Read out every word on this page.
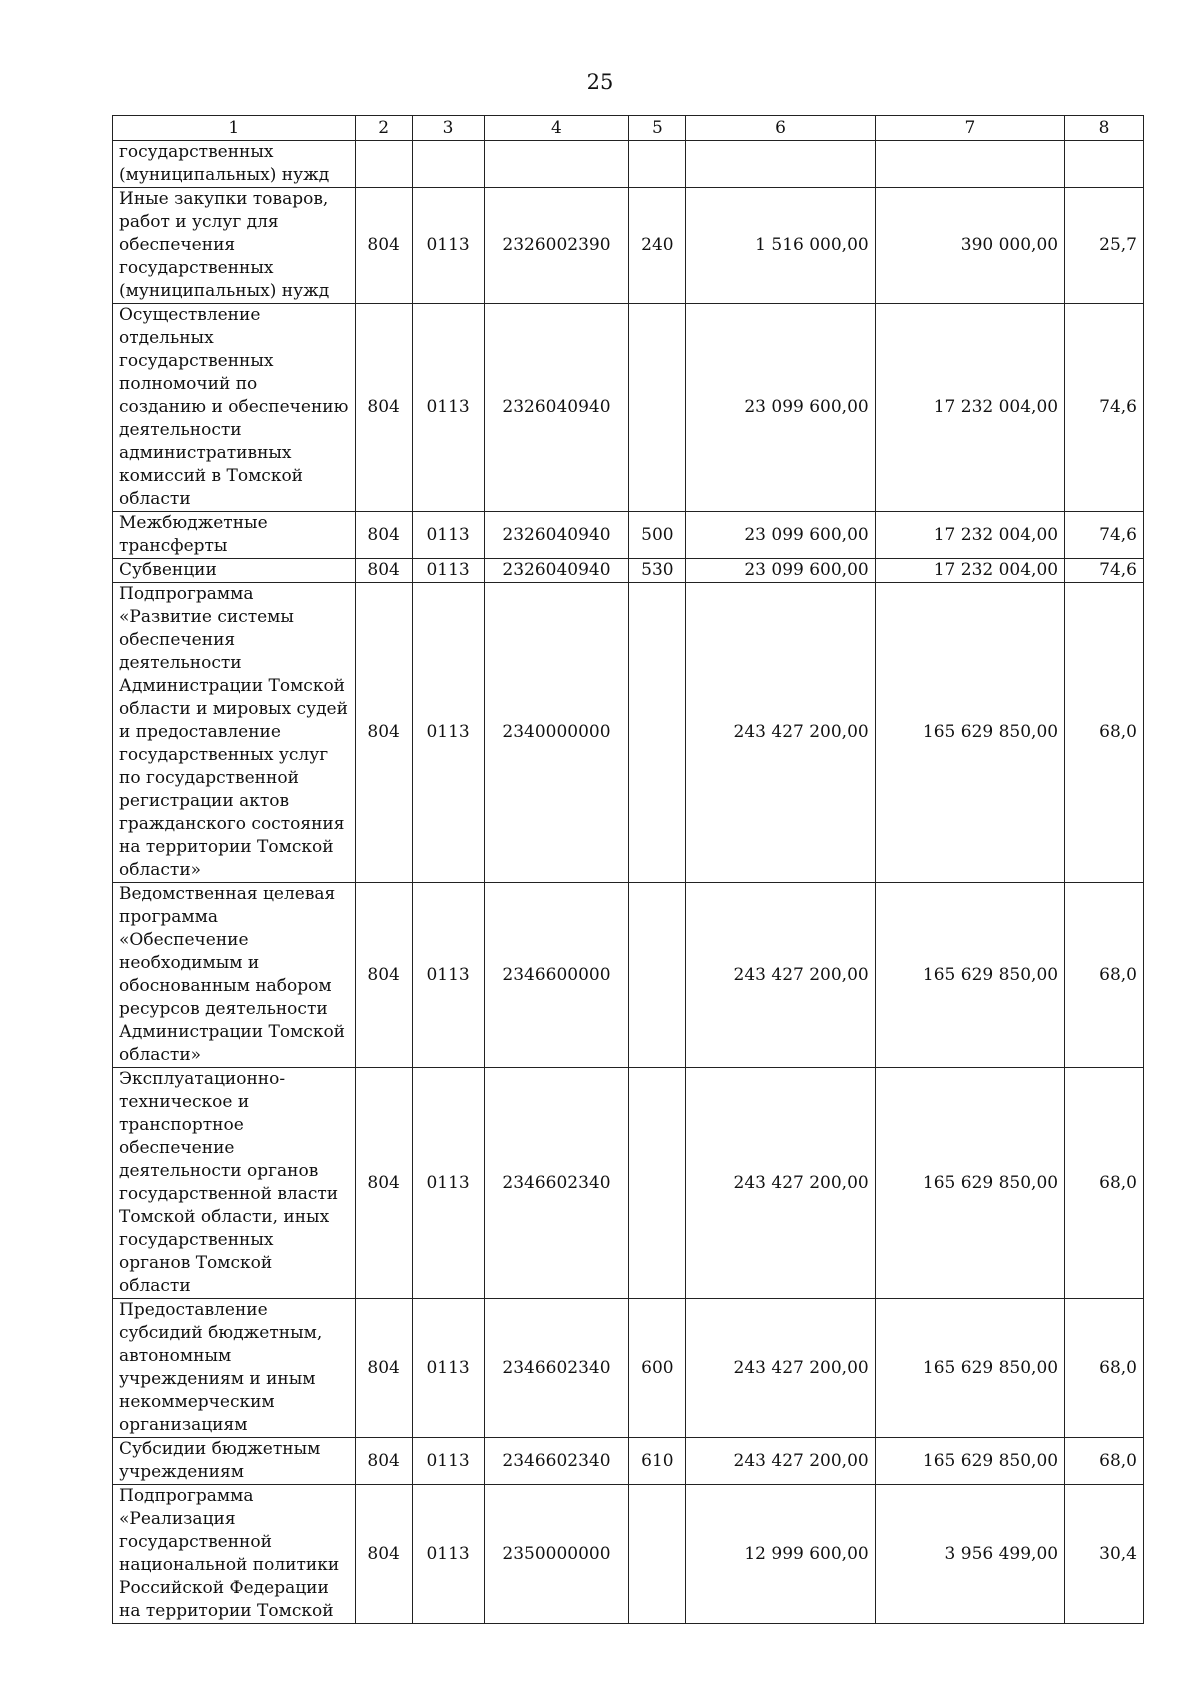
25
1	2	3	4	5	6	7	8
государственных (муниципальных) нужд							
Иные закупки товаров, работ и услуг для обеспечения государственных (муниципальных) нужд	804	0113	2326002390	240	1 516 000,00	390 000,00	25,7
Осуществление отдельных государственных полномочий по созданию и обеспечению деятельности административных комиссий в Томской области	804	0113	2326040940		23 099 600,00	17 232 004,00	74,6
Межбюджетные трансферты	804	0113	2326040940	500	23 099 600,00	17 232 004,00	74,6
Субвенции	804	0113	2326040940	530	23 099 600,00	17 232 004,00	74,6
Подпрограмма «Развитие системы обеспечения деятельности Администрации Томской области и мировых судей и предоставление государственных услуг по государственной регистрации актов гражданского состояния на территории Томской области»	804	0113	2340000000		243 427 200,00	165 629 850,00	68,0
Ведомственная целевая программа «Обеспечение необходимым и обоснованным набором ресурсов деятельности Администрации Томской области»	804	0113	2346600000		243 427 200,00	165 629 850,00	68,0
Эксплуатационно-техническое и транспортное обеспечение деятельности органов государственной власти Томской области, иных государственных органов Томской области	804	0113	2346602340		243 427 200,00	165 629 850,00	68,0
Предоставление субсидий бюджетным, автономным учреждениям и иным некоммерческим организациям	804	0113	2346602340	600	243 427 200,00	165 629 850,00	68,0
Субсидии бюджетным учреждениям	804	0113	2346602340	610	243 427 200,00	165 629 850,00	68,0
Подпрограмма «Реализация государственной национальной политики Российской Федерации на территории Томской	804	0113	2350000000		12 999 600,00	3 956 499,00	30,4
